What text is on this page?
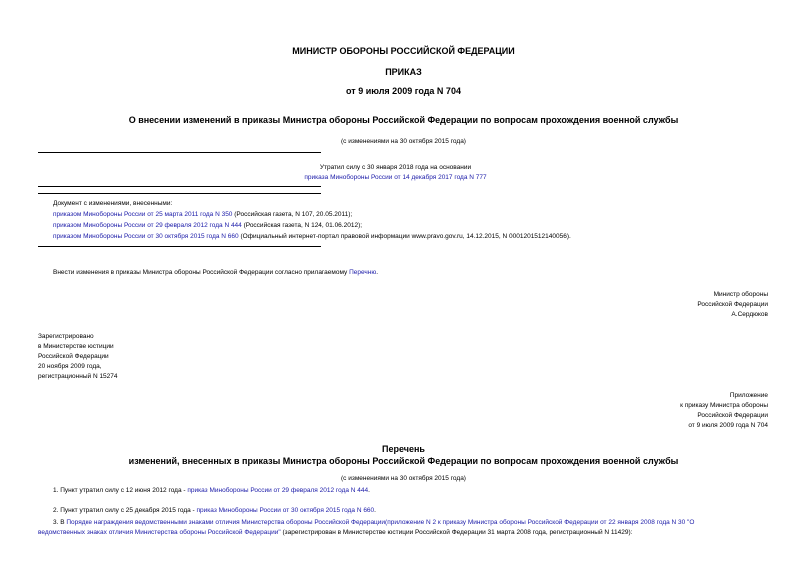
МИНИСТР ОБОРОНЫ РОССИЙСКОЙ ФЕДЕРАЦИИ
ПРИКАЗ
от 9 июля 2009 года N 704
О внесении изменений в приказы Министра обороны Российской Федерации по вопросам прохождения военной службы
(с изменениями на 30 октября 2015 года)
Утратил силу с 30 января 2018 года на основании
приказа Минобороны России от 14 декабря 2017 года N 777
Документ с изменениями, внесенными:
приказом Минобороны России от 25 марта 2011 года N 350 (Российская газета, N 107, 20.05.2011);
приказом Минобороны России от 29 февраля 2012 года N 444 (Российская газета, N 124, 01.06.2012);
приказом Минобороны России от 30 октября 2015 года N 660 (Официальный интернет-портал правовой информации www.pravo.gov.ru, 14.12.2015, N 0001201512140056).
Внести изменения в приказы Министра обороны Российской Федерации согласно прилагаемому Перечню.
Министр обороны
Российской Федерации
А.Сердюков
Зарегистрировано
в Министерстве юстиции
Российской Федерации
20 ноября 2009 года,
регистрационный N 15274
Приложение
к приказу Министра обороны
Российской Федерации
от 9 июля 2009 года N 704
Перечень
изменений, внесенных в приказы Министра обороны Российской Федерации по вопросам прохождения военной службы
(с изменениями на 30 октября 2015 года)
1. Пункт утратил силу с 12 июня 2012 года - приказ Минобороны России от 29 февраля 2012 года N 444.
2. Пункт утратил силу с 25 декабря 2015 года - приказ Минобороны России от 30 октября 2015 года N 660.
3. В Порядке награждения ведомственными знаками отличия Министерства обороны Российской Федерации(приложение N 2 к приказу Министра обороны Российской Федерации от 22 января 2008 года N 30 "О
ведомственных знаках отличия Министерства обороны Российской Федерации" (зарегистрирован в Министерстве юстиции Российской Федерации 31 марта 2008 года, регистрационный N 11429):
